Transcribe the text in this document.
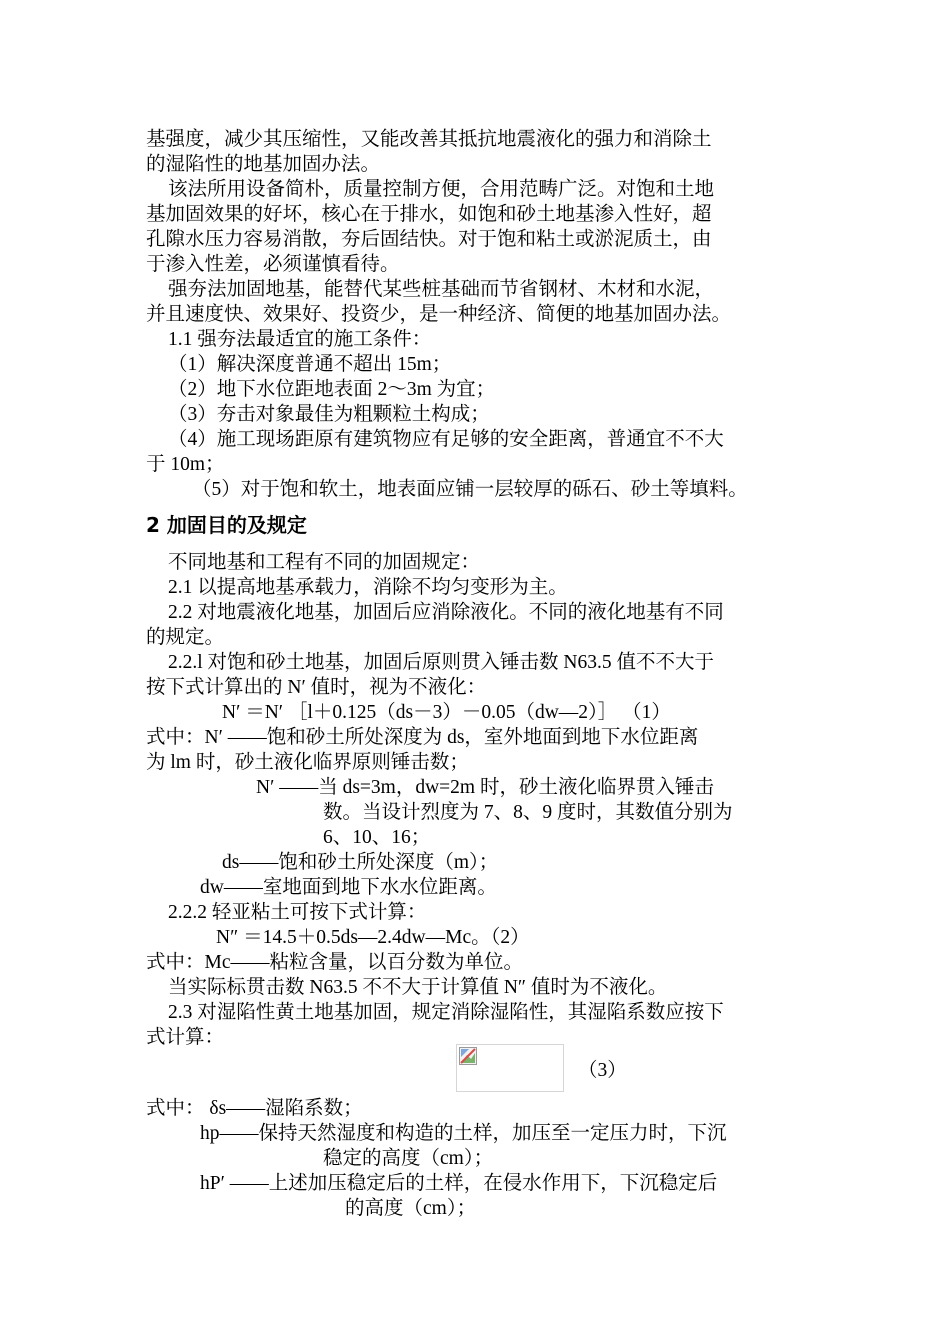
基强度，减少其压缩性，又能改善其抵抗地震液化的强力和消除土
的湿陷性的地基加固办法。
该法所用设备简朴，质量控制方便，合用范畴广泛。对饱和土地
基加固效果的好坏，核心在于排水，如饱和砂土地基渗入性好，超
孔隙水压力容易消散，夯后固结快。对于饱和粘土或淤泥质土，由
于渗入性差，必须谨慎看待。
强夯法加固地基，能替代某些桩基础而节省钢材、木材和水泥，
并且速度快、效果好、投资少，是一种经济、简便的地基加固办法。
1.1 强夯法最适宜的施工条件：
（1）解决深度普通不超出 15m；
（2）地下水位距地表面 2～3m 为宜；
（3）夯击对象最佳为粗颗粒土构成；
（4）施工现场距原有建筑物应有足够的安全距离，普通宜不不大
于 10m；
（5）对于饱和软土，地表面应铺一层较厚的砾石、砂土等填料。
2 加固目的及规定
不同地基和工程有不同的加固规定：
2.1 以提高地基承载力，消除不均匀变形为主。
2.2 对地震液化地基，加固后应消除液化。不同的液化地基有不同
的规定。
2.2.l 对饱和砂土地基，加固后原则贯入锤击数 N63.5 值不不大于
按下式计算出的 N′ 值时，视为不液化：
N′ ＝N′ ［l＋0.125（ds－3）－0.05（dw—2）］ （1）
式中：N′ ——饱和砂土所处深度为 ds，室外地面到地下水位距离
为 lm 时，砂土液化临界原则锤击数；
N′ ——当 ds=3m，dw=2m 时，砂土液化临界贯入锤击
数。当设计烈度为 7、8、9 度时，其数值分别为
6、10、16；
ds——饱和砂土所处深度（m）；
dw——室地面到地下水水位距离。
2.2.2 轻亚粘土可按下式计算：
N″ ＝14.5＋0.5ds—2.4dw—Mc。（2）
式中：Mc——粘粒含量，以百分数为单位。
当实际标贯击数 N63.5 不不大于计算值 N″ 值时为不液化。
2.3 对湿陷性黄土地基加固，规定消除湿陷性，其湿陷系数应按下
式计算：
（3）
式中： δs——湿陷系数；
hp——保持天然湿度和构造的土样，加压至一定压力时，下沉
稳定的高度（cm）；
hP′ ——上述加压稳定后的土样，在侵水作用下，下沉稳定后
的高度（cm）；
